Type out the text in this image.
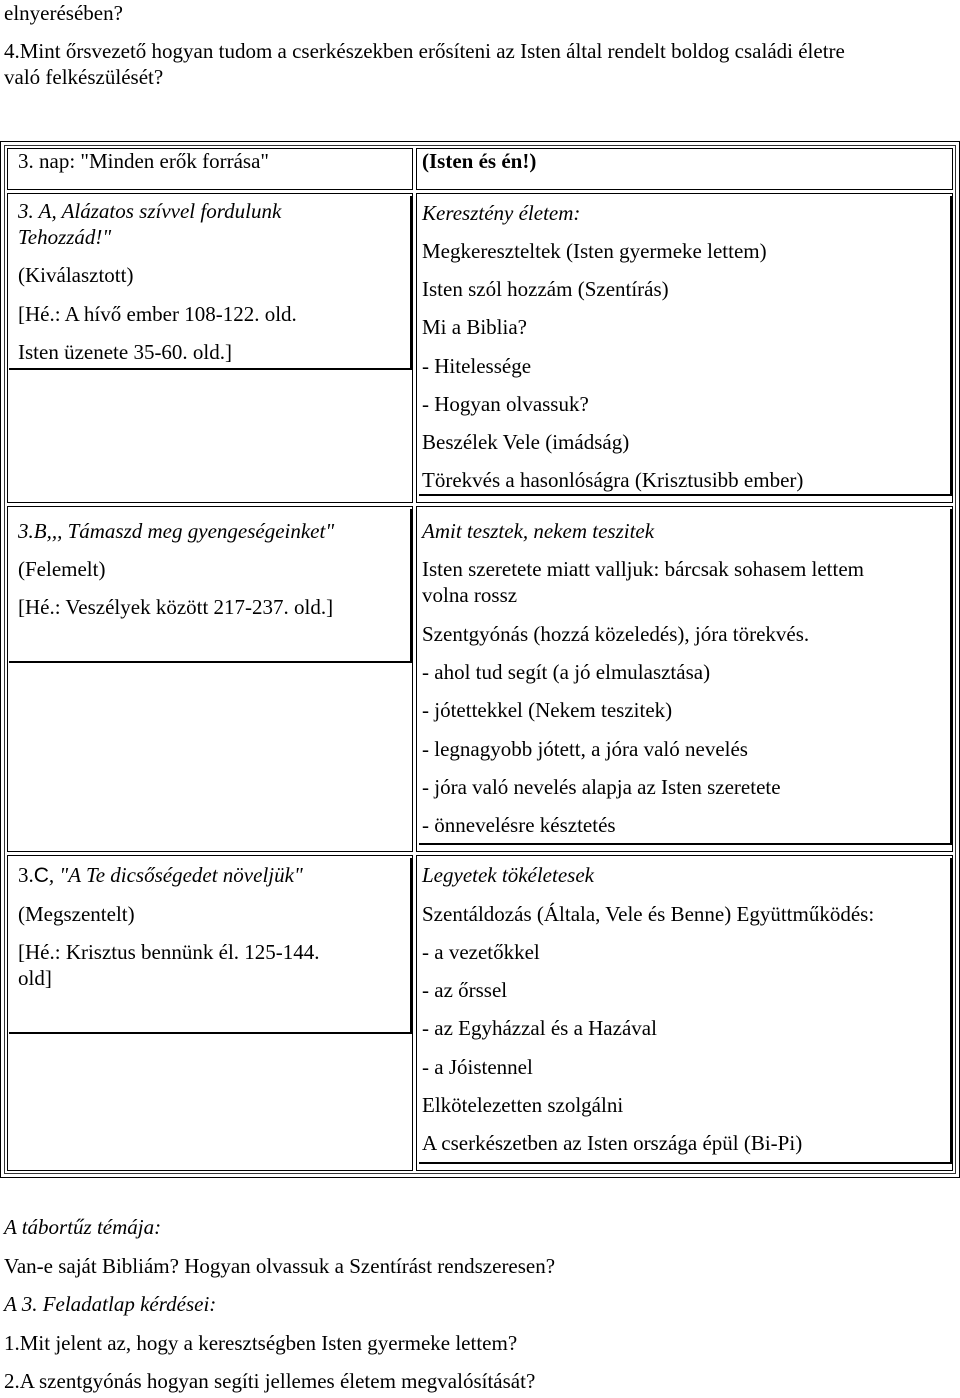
elnyerésében?
4.Mint őrsvezető hogyan tudom a cserkészekben erősíteni az Isten által rendelt boldog családi életre
való felkészülését?
3. nap: "Minden erők forrása"	(Isten és én!)
3. A, Alázatos szívvel fordulunk
Tehozzád!"
(Kiválasztott)
[Hé.: A hívő ember 108-122. old.
Isten üzenete 35-60. old.]
Keresztény életem:
Megkereszteltek (Isten gyermeke lettem)
Isten szól hozzám (Szentírás)
Mi a Biblia?
- Hitelessége
- Hogyan olvassuk?
Beszélek Vele (imádság)
Törekvés a hasonlóságra (Krisztusibb ember)
3.B,,, Támaszd meg gyengeségeinket"
(Felemelt)
[Hé.: Veszélyek között 217-237. old.]
Amit tesztek, nekem teszitek
Isten szeretete miatt valljuk: bárcsak sohasem lettem
volna rossz
Szentgyónás (hozzá közeledés), jóra törekvés.
- ahol tud segít (a jó elmulasztása)
- jótettekkel (Nekem teszitek)
- legnagyobb jótett, a jóra való nevelés
- jóra való nevelés alapja az Isten szeretete
- önnevelésre késztetés
3.C, "A Te dicsőségedet növeljük"
(Megszentelt)
[Hé.: Krisztus bennünk él. 125-144.
old]
Legyetek tökéletesek
Szentáldozás (Általa, Vele és Benne) Együttműködés:
- a vezetőkkel
- az őrssel
- az Egyházzal és a Hazával
- a Jóistennel
Elkötelezetten szolgálni
A cserkészetben az Isten országa épül (Bi-Pi)
A tábortűz témája:
Van-e saját Bibliám? Hogyan olvassuk a Szentírást rendszeresen?
A 3. Feladatlap kérdései:
1.Mit jelent az, hogy a keresztségben Isten gyermeke lettem?
2.A szentgyónás hogyan segíti jellemes életem megvalósítását?
